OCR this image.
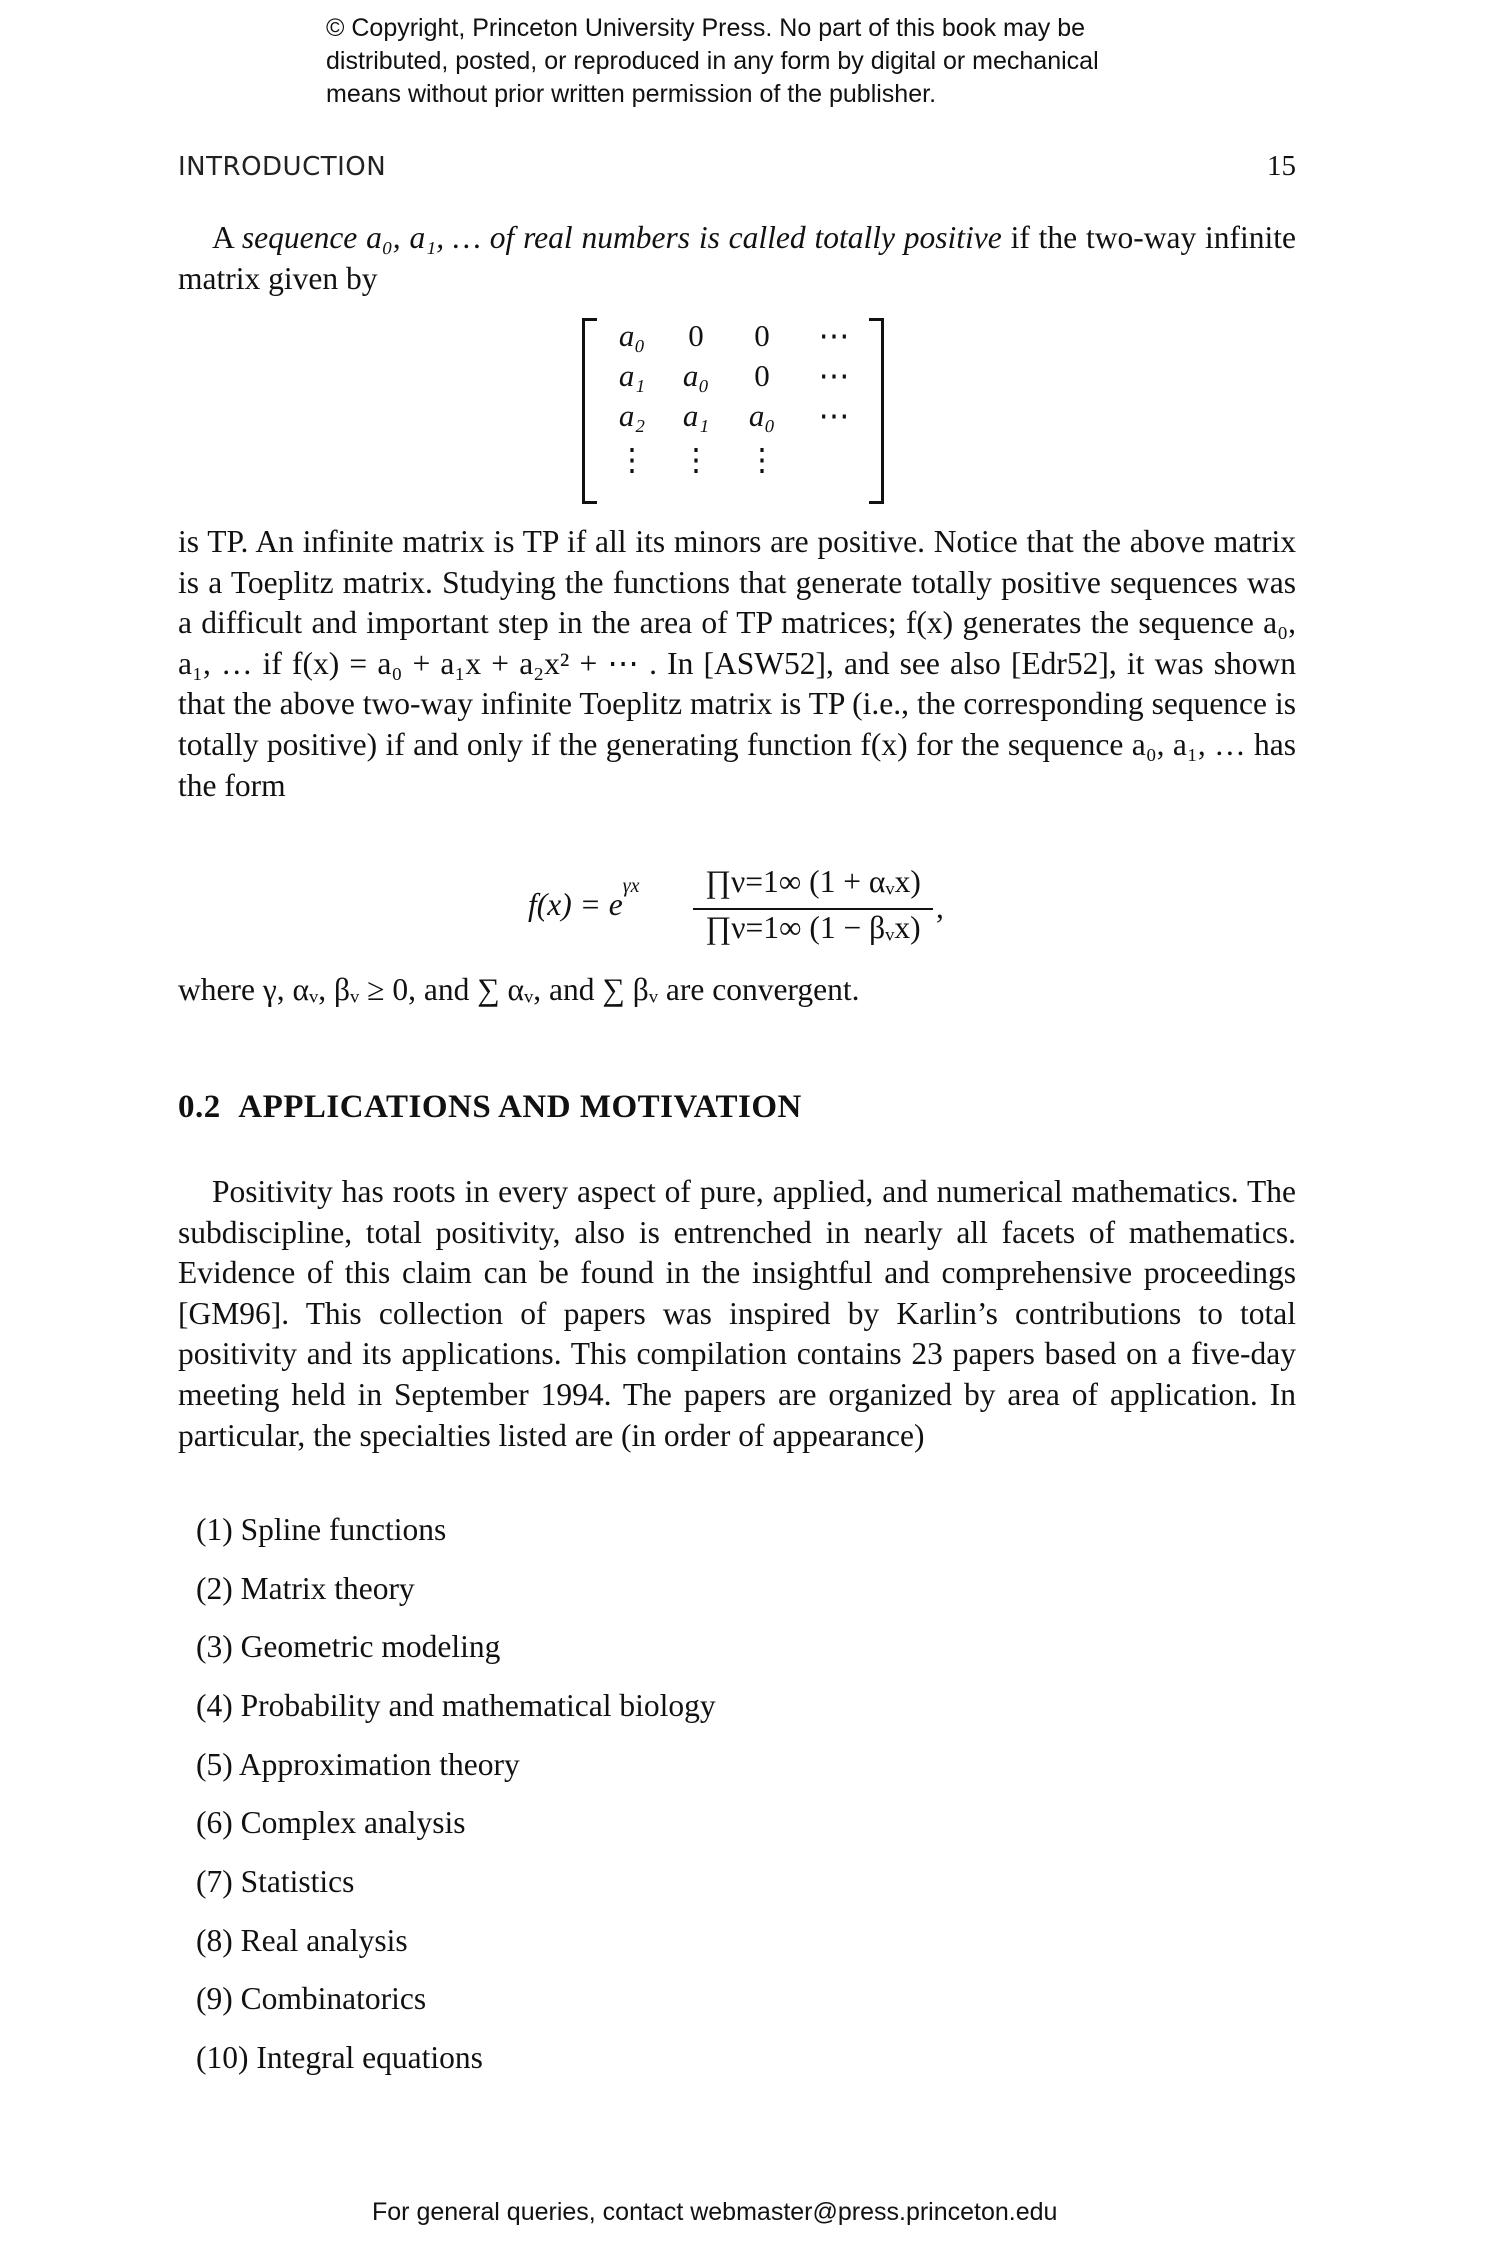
© Copyright, Princeton University Press. No part of this book may be
distributed, posted, or reproduced in any form by digital or mechanical
means without prior written permission of the publisher.
INTRODUCTION	15
A sequence a₀, a₁, … of real numbers is called totally positive if the two-way infinite matrix given by
a₀	0	0	⋯
a₁	a₀	0	⋯
a₂	a₁	a₀	⋯
⋮	⋮	⋮
is TP. An infinite matrix is TP if all its minors are positive. Notice that the above matrix is a Toeplitz matrix. Studying the functions that generate totally positive sequences was a difficult and important step in the area of TP matrices; f(x) generates the sequence a₀, a₁, … if f(x) = a₀ + a₁x + a₂x² + ⋯ . In [ASW52], and see also [Edr52], it was shown that the above two-way infinite Toeplitz matrix is TP (i.e., the corresponding sequence is totally positive) if and only if the generating function f(x) for the sequence a₀, a₁, … has the form
$f(x) = e^{\gamma x}$	∏ν=1∞ (1 + αᵥx)
∏ν=1∞ (1 − βᵥx)
,
where γ, αᵥ, βᵥ ≥ 0, and ∑ αᵥ, and ∑ βᵥ are convergent.
0.2 APPLICATIONS AND MOTIVATION
Positivity has roots in every aspect of pure, applied, and numerical mathematics. The subdiscipline, total positivity, also is entrenched in nearly all facets of mathematics. Evidence of this claim can be found in the insightful and comprehensive proceedings [GM96]. This collection of papers was inspired by Karlin’s contributions to total positivity and its applications. This compilation contains 23 papers based on a five-day meeting held in September 1994. The papers are organized by area of application. In particular, the specialties listed are (in order of appearance)
(1) Spline functions
(2) Matrix theory
(3) Geometric modeling
(4) Probability and mathematical biology
(5) Approximation theory
(6) Complex analysis
(7) Statistics
(8) Real analysis
(9) Combinatorics
(10) Integral equations
For general queries, contact webmaster@press.princeton.edu
